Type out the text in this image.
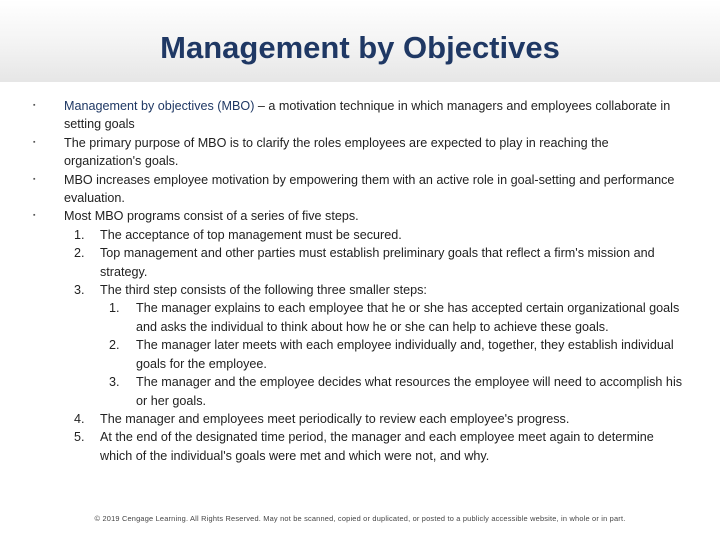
Management by Objectives
▪ Management by objectives (MBO) – a motivation technique in which managers and employees collaborate in setting goals
▪ The primary purpose of MBO is to clarify the roles employees are expected to play in reaching the organization's goals.
▪ MBO increases employee motivation by empowering them with an active role in goal-setting and performance evaluation.
▪ Most MBO programs consist of a series of five steps.
1. The acceptance of top management must be secured.
2. Top management and other parties must establish preliminary goals that reflect a firm's mission and strategy.
3. The third step consists of the following three smaller steps:
1. The manager explains to each employee that he or she has accepted certain organizational goals and asks the individual to think about how he or she can help to achieve these goals.
2. The manager later meets with each employee individually and, together, they establish individual goals for the employee.
3. The manager and the employee decides what resources the employee will need to accomplish his or her goals.
4. The manager and employees meet periodically to review each employee's progress.
5. At the end of the designated time period, the manager and each employee meet again to determine which of the individual's goals were met and which were not, and why.
© 2019 Cengage Learning. All Rights Reserved. May not be scanned, copied or duplicated, or posted to a publicly accessible website, in whole or in part.
